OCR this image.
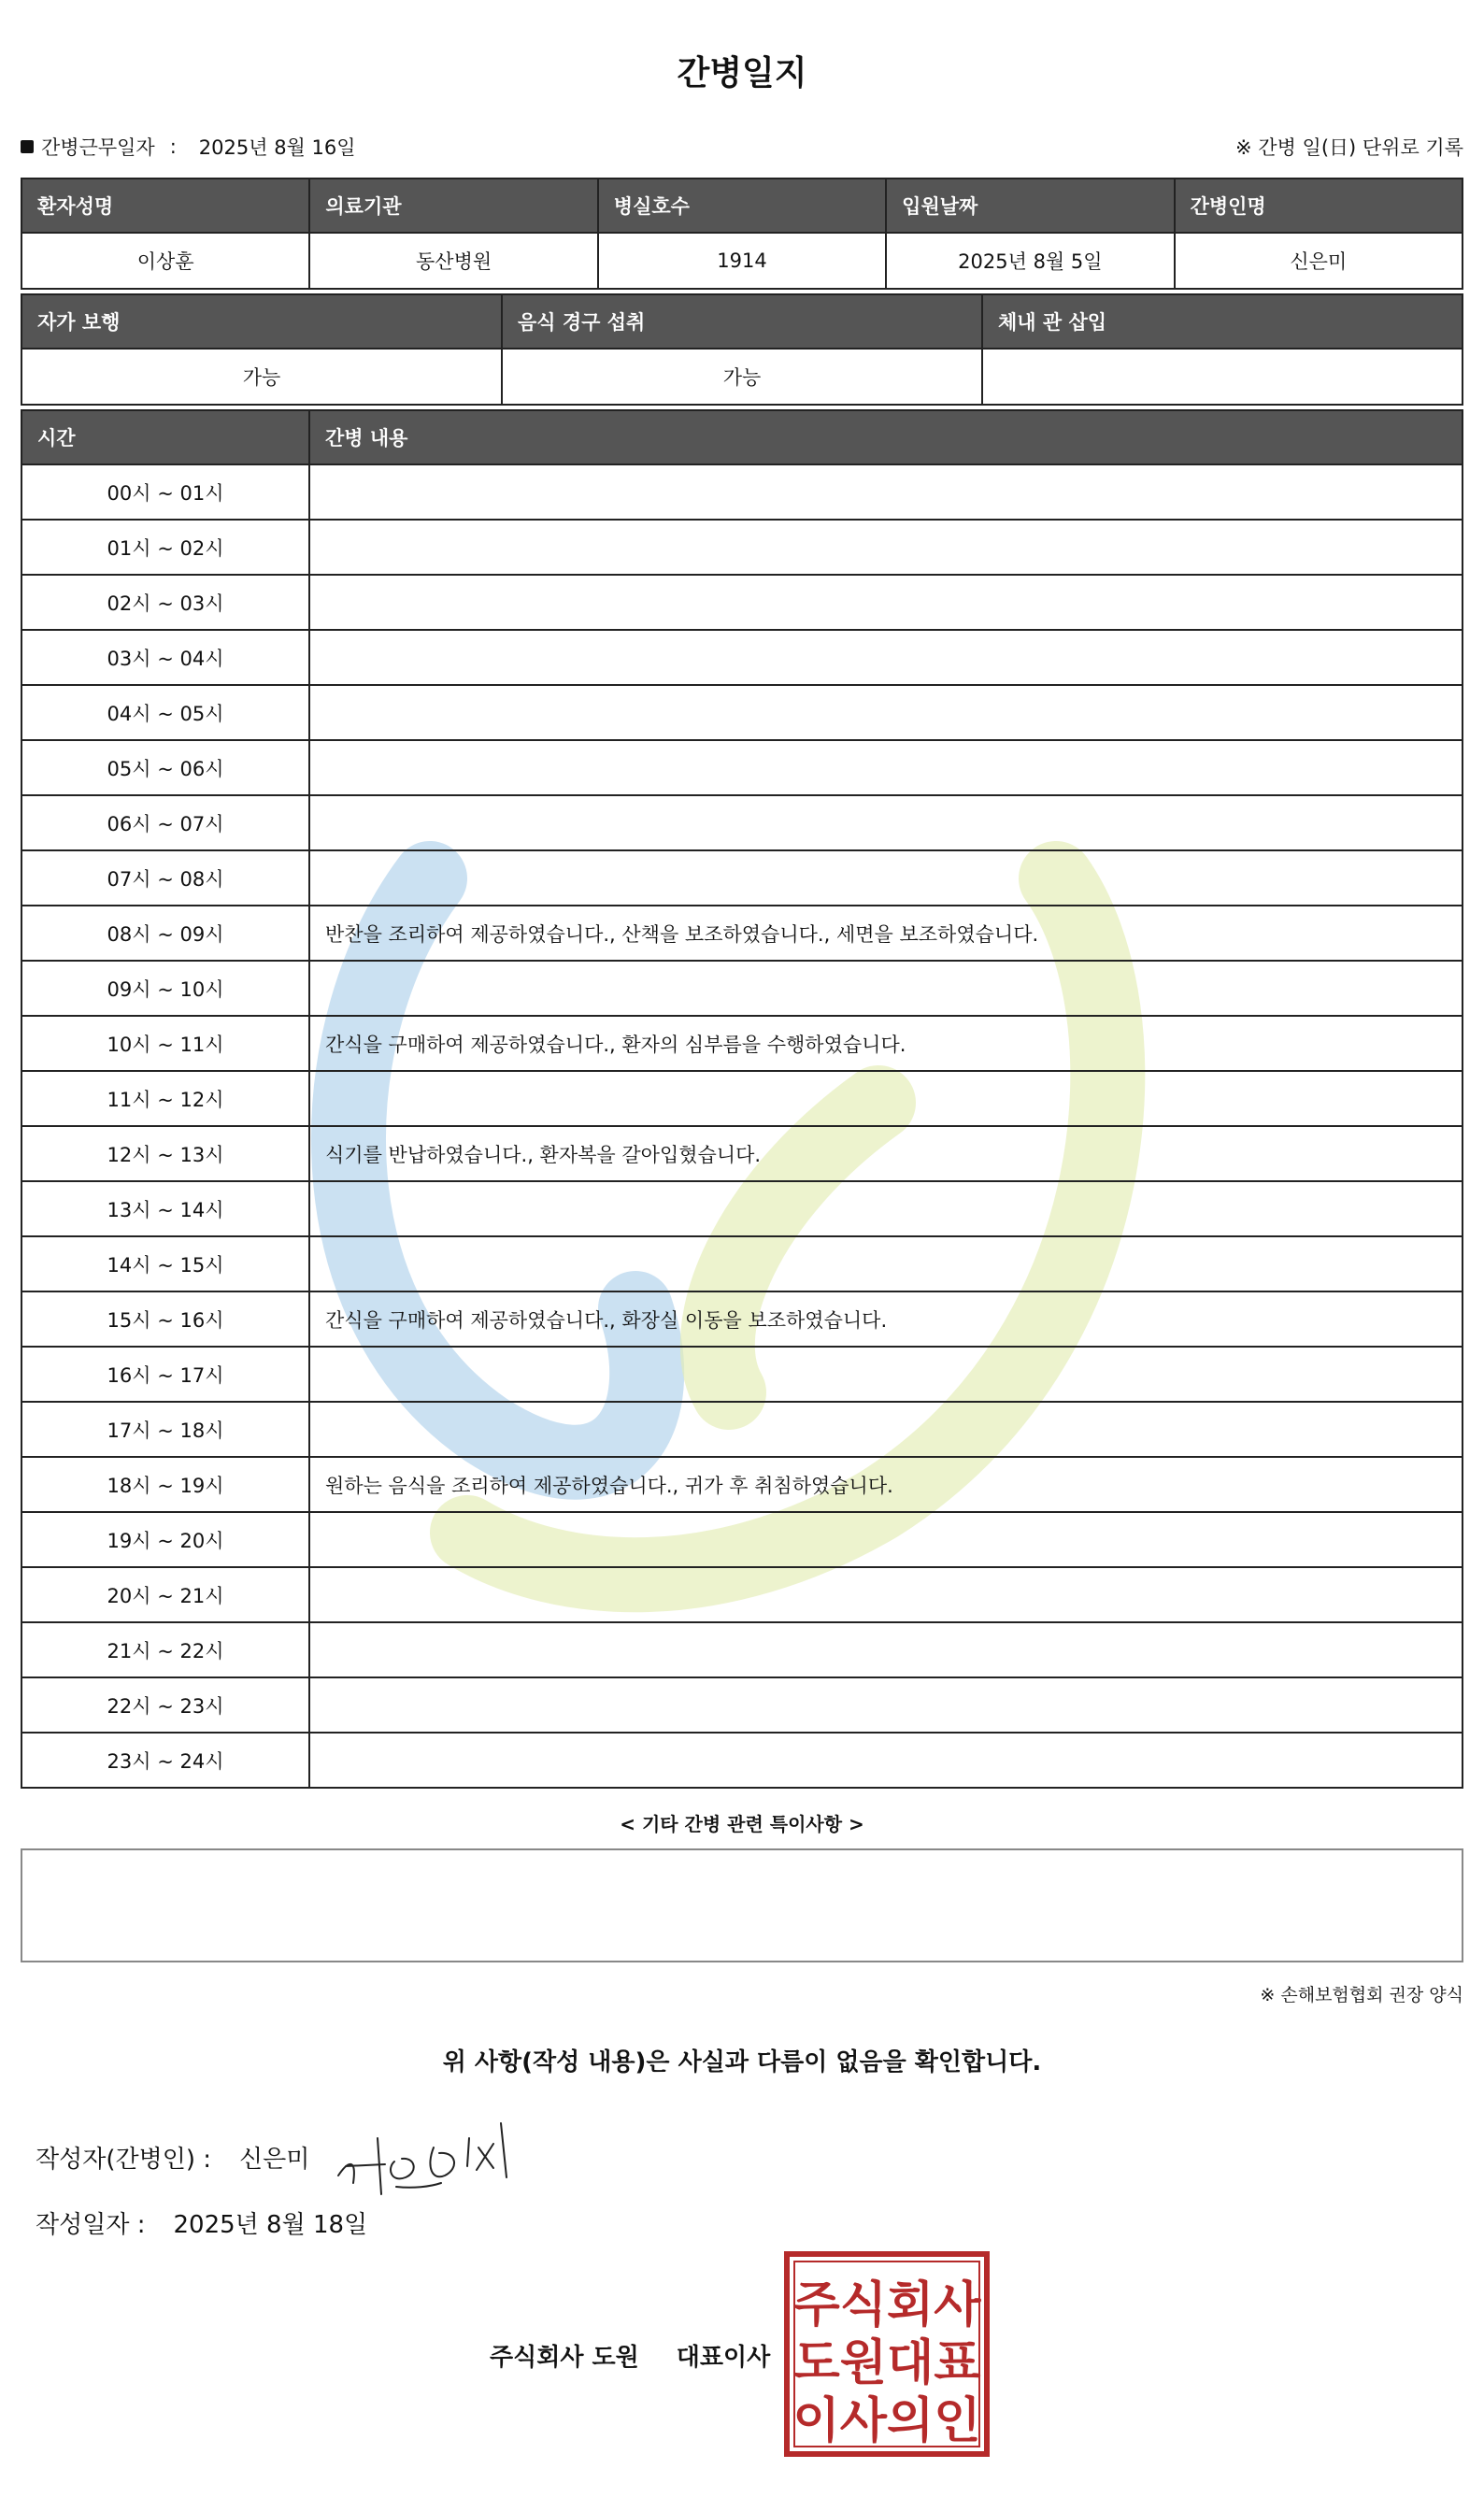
간병일지
간병근무일자 : 2025년 8월 16일	※ 간병 일(日) 단위로 기록
환자성명	의료기관	병실호수	입원날짜	간병인명
이상훈	동산병원	1914	2025년 8월 5일	신은미
자가 보행	음식 경구 섭취	체내 관 삽입
가능	가능	
시간	간병 내용
00시 ~ 01시	
01시 ~ 02시	
02시 ~ 03시	
03시 ~ 04시	
04시 ~ 05시	
05시 ~ 06시	
06시 ~ 07시	
07시 ~ 08시	
08시 ~ 09시	반찬을 조리하여 제공하였습니다., 산책을 보조하였습니다., 세면을 보조하였습니다.
09시 ~ 10시	
10시 ~ 11시	간식을 구매하여 제공하였습니다., 환자의 심부름을 수행하였습니다.
11시 ~ 12시	
12시 ~ 13시	식기를 반납하였습니다., 환자복을 갈아입혔습니다.
13시 ~ 14시	
14시 ~ 15시	
15시 ~ 16시	간식을 구매하여 제공하였습니다., 화장실 이동을 보조하였습니다.
16시 ~ 17시	
17시 ~ 18시	
18시 ~ 19시	원하는 음식을 조리하여 제공하였습니다., 귀가 후 취침하였습니다.
19시 ~ 20시	
20시 ~ 21시	
21시 ~ 22시	
22시 ~ 23시	
23시 ~ 24시	
< 기타 간병 관련 특이사항 >
※ 손해보험협회 권장 양식
위 사항(작성 내용)은 사실과 다름이 없음을 확인합니다.
작성자(간병인) : 신은미
작성일자 : 2025년 8월 18일
주식회사 도원 대표이사
주식회사
도원대표
이사의인
